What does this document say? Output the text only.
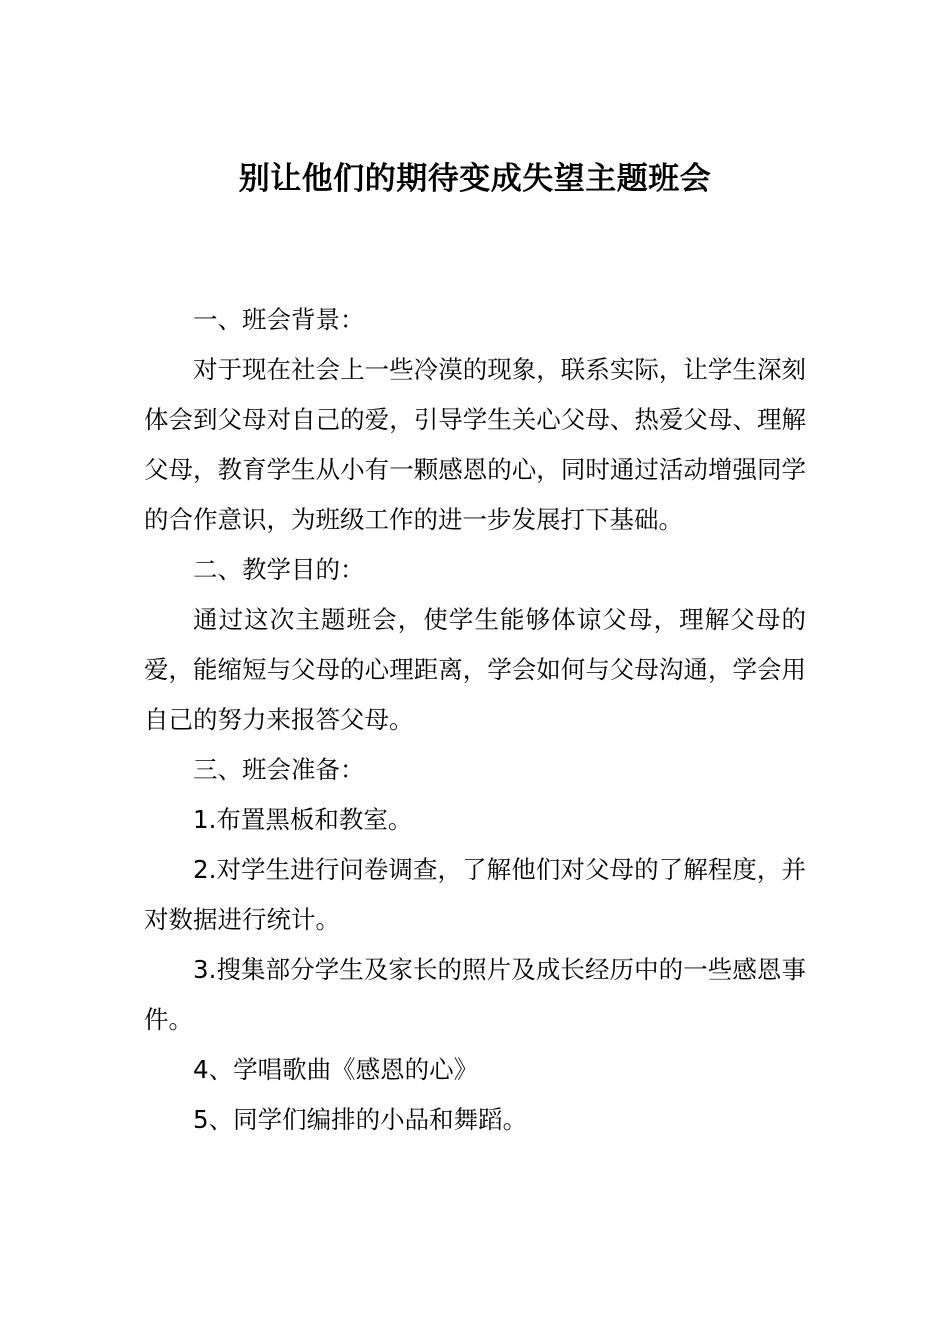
别让他们的期待变成失望主题班会

一、班会背景：

对于现在社会上一些冷漠的现象，联系实际，让学生深刻体会到父母对自己的爱，引导学生关心父母、热爱父母、理解父母，教育学生从小有一颗感恩的心，同时通过活动增强同学的合作意识，为班级工作的进一步发展打下基础。

二、教学目的：

通过这次主题班会，使学生能够体谅父母，理解父母的爱，能缩短与父母的心理距离，学会如何与父母沟通，学会用自己的努力来报答父母。

三、班会准备：

1.布置黑板和教室。

2.对学生进行问卷调查，了解他们对父母的了解程度，并对数据进行统计。

3.搜集部分学生及家长的照片及成长经历中的一些感恩事件。

4、学唱歌曲《感恩的心》

5、同学们编排的小品和舞蹈。
